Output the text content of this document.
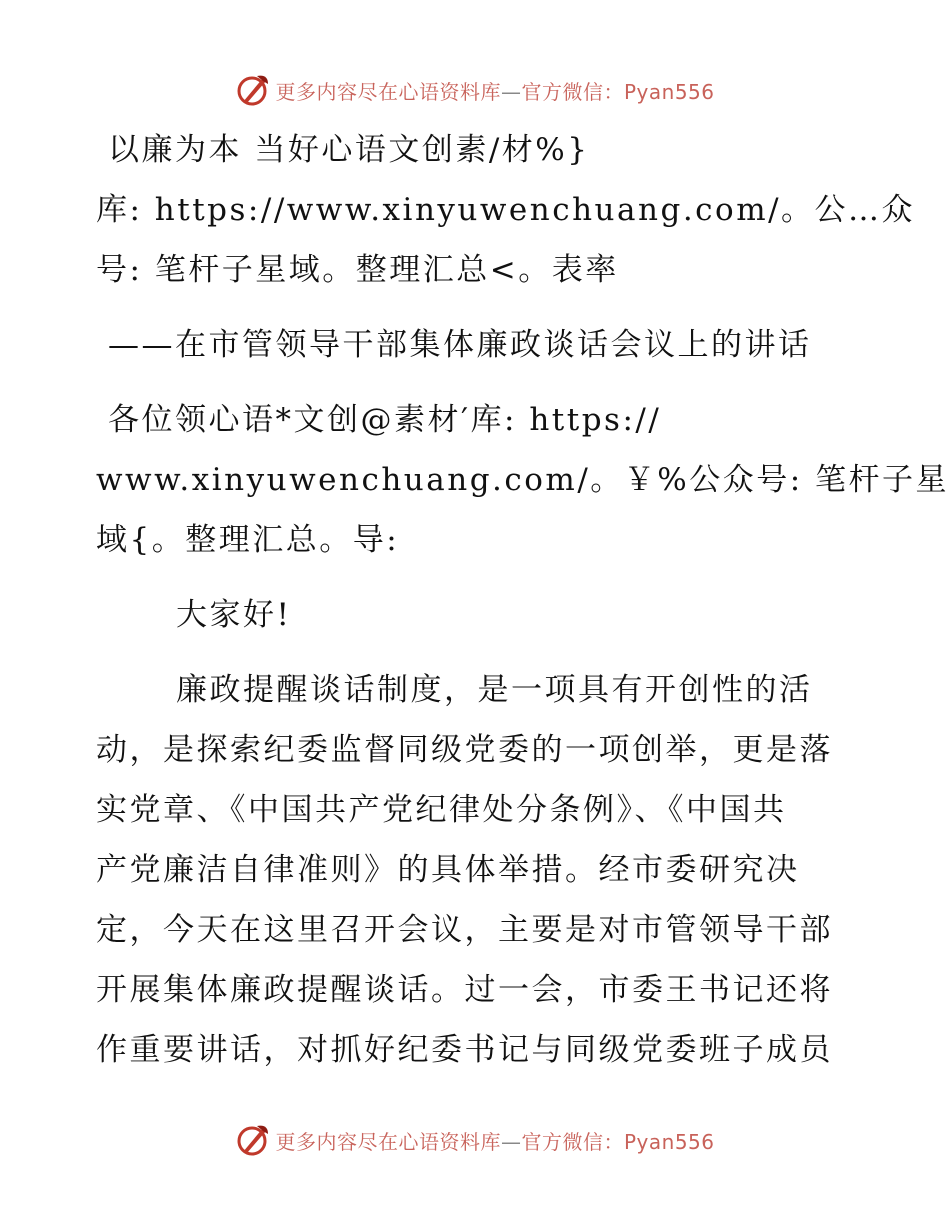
更多内容尽在心语资料库—官方微信：Pyan556
以廉为本 当好心语文创素/材%}
库: https://www.xinyuwenchuang.com/。公…众
号: 笔杆子星域。整理汇总<。表率
——在市管领导干部集体廉政谈话会议上的讲话
各位领心语*文创@素材′库: https://
www.xinyuwenchuang.com/。￥%公众号: 笔杆子星
域{。整理汇总。导:
大家好!
廉政提醒谈话制度，是一项具有开创性的活
动，是探索纪委监督同级党委的一项创举，更是落
实党章、《中国共产党纪律处分条例》、《中国共
产党廉洁自律准则》的具体举措。经市委研究决
定，今天在这里召开会议，主要是对市管领导干部
开展集体廉政提醒谈话。过一会，市委王书记还将
作重要讲话，对抓好纪委书记与同级党委班子成员
更多内容尽在心语资料库—官方微信：Pyan556
